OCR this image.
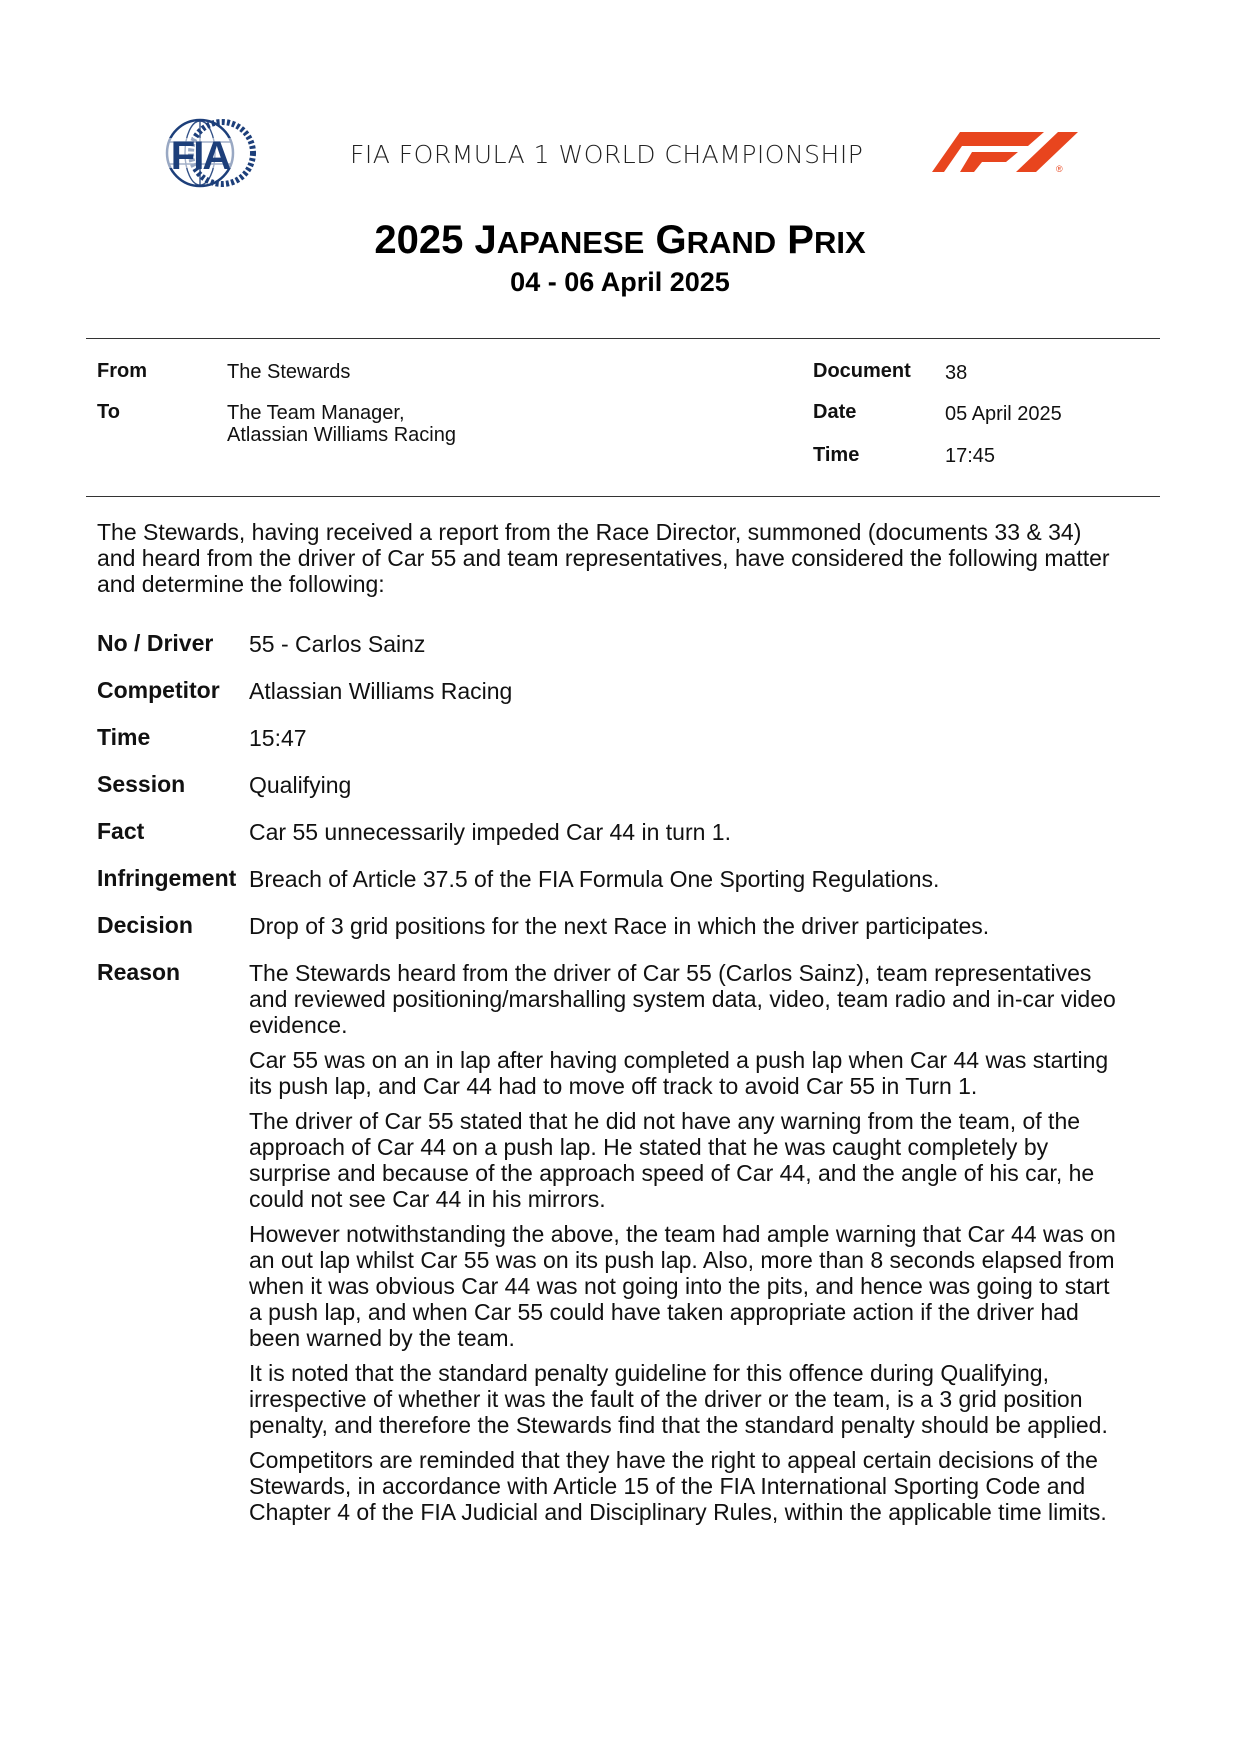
FIA	FIA FORMULA 1 WORLD CHAMPIONSHIP	®
2025 JAPANESE GRAND PRIX
04 - 06 April 2025
From	The Stewards
To	The Team Manager,
Atlassian Williams Racing
Document 38
Date	05 April 2025
Time	17:45
The Stewards, having received a report from the Race Director, summoned (documents 33 & 34)
and heard from the driver of Car 55 and team representatives, have considered the following matter
and determine the following:
No / Driver 55 - Carlos Sainz
Competitor Atlassian Williams Racing
Time	15:47
Session	Qualifying
Fact	Car 55 unnecessarily impeded Car 44 in turn 1.
Infringement Breach of Article 37.5 of the FIA Formula One Sporting Regulations.
Decision Drop of 3 grid positions for the next Race in which the driver participates.
Reason	The Stewards heard from the driver of Car 55 (Carlos Sainz), team representatives
and reviewed positioning/marshalling system data, video, team radio and in-car video
evidence.
Car 55 was on an in lap after having completed a push lap when Car 44 was starting
its push lap, and Car 44 had to move off track to avoid Car 55 in Turn 1.
The driver of Car 55 stated that he did not have any warning from the team, of the
approach of Car 44 on a push lap. He stated that he was caught completely by
surprise and because of the approach speed of Car 44, and the angle of his car, he
could not see Car 44 in his mirrors.
However notwithstanding the above, the team had ample warning that Car 44 was on
an out lap whilst Car 55 was on its push lap. Also, more than 8 seconds elapsed from
when it was obvious Car 44 was not going into the pits, and hence was going to start
a push lap, and when Car 55 could have taken appropriate action if the driver had
been warned by the team.
It is noted that the standard penalty guideline for this offence during Qualifying,
irrespective of whether it was the fault of the driver or the team, is a 3 grid position
penalty, and therefore the Stewards find that the standard penalty should be applied.
Competitors are reminded that they have the right to appeal certain decisions of the
Stewards, in accordance with Article 15 of the FIA International Sporting Code and
Chapter 4 of the FIA Judicial and Disciplinary Rules, within the applicable time limits.
